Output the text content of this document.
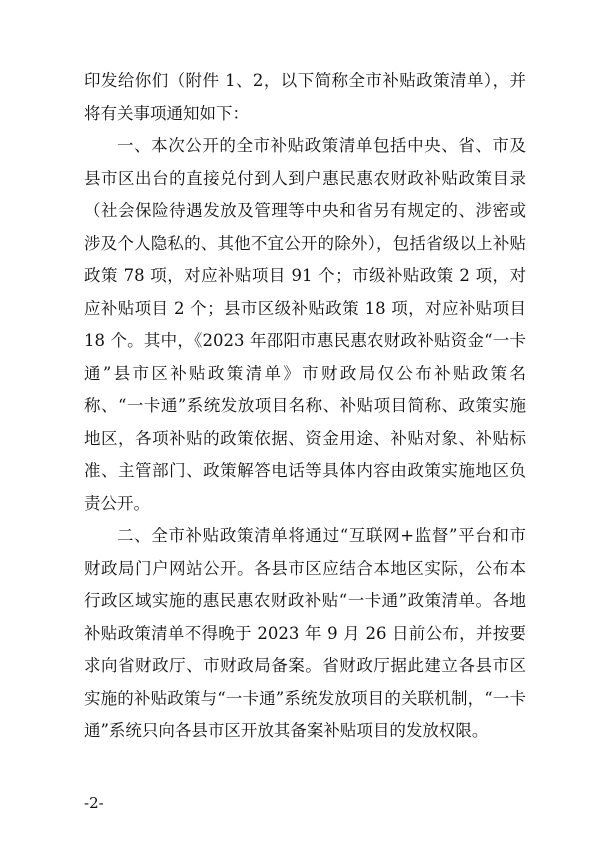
印发给你们（附件 1、2，以下简称全市补贴政策清单），并将有关事项通知如下：

一、本次公开的全市补贴政策清单包括中央、省、市及县市区出台的直接兑付到人到户惠民惠农财政补贴政策目录（社会保险待遇发放及管理等中央和省另有规定的、涉密或涉及个人隐私的、其他不宜公开的除外），包括省级以上补贴政策 78 项，对应补贴项目 91 个；市级补贴政策 2 项，对应补贴项目 2 个；县市区级补贴政策 18 项，对应补贴项目 18 个。其中，《2023 年邵阳市惠民惠农财政补贴资金“一卡通”县市区补贴政策清单》市财政局仅公布补贴政策名称、“一卡通”系统发放项目名称、补贴项目简称、政策实施地区，各项补贴的政策依据、资金用途、补贴对象、补贴标准、主管部门、政策解答电话等具体内容由政策实施地区负责公开。

二、全市补贴政策清单将通过“互联网+监督”平台和市财政局门户网站公开。各县市区应结合本地区实际，公布本行政区域实施的惠民惠农财政补贴“一卡通”政策清单。各地补贴政策清单不得晚于 2023 年 9 月 26 日前公布，并按要求向省财政厅、市财政局备案。省财政厅据此建立各县市区实施的补贴政策与“一卡通”系统发放项目的关联机制，“一卡通”系统只向各县市区开放其备案补贴项目的发放权限。

-2-
